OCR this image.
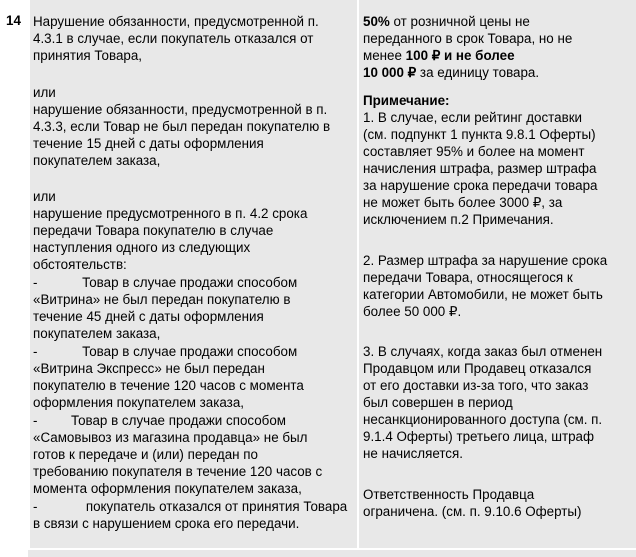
14 Нарушение обязанности, предусмотренной п.
4.3.1 в случае, если покупатель отказался от
принятия Товара,
или
нарушение обязанности, предусмотренной в п.
4.3.3, если Товар не был передан покупателю в
течение 15 дней с даты оформления
покупателем заказа,
или
нарушение предусмотренного в п. 4.2 срока
передачи Товара покупателю в случае
наступления одного из следующих
обстоятельств:
-            Товар в случае продажи способом
«Витрина» не был передан покупателю в
течение 45 дней с даты оформления
покупателем заказа,
-            Товар в случае продажи способом
«Витрина Экспресс» не был передан
покупателю в течение 120 часов с момента
оформления покупателем заказа,
-         Товар в случае продажи способом
«Самовывоз из магазина продавца» не был
готов к передаче и (или) передан по
требованию покупателя в течение 120 часов с
момента оформления покупателем заказа,
-             покупатель отказался от принятия Товара
в связи с нарушением срока его передачи.
50% от розничной цены не
переданного в срок Товара, но не
менее 100 ₽ и не более
10 000 ₽ за единицу товара.
Примечание:
1. В случае, если рейтинг доставки
(см. подпункт 1 пункта 9.8.1 Оферты)
составляет 95% и более на момент
начисления штрафа, размер штрафа
за нарушение срока передачи товара
не может быть более 3000 ₽, за
исключением п.2 Примечания.
2. Размер штрафа за нарушение срока
передачи Товара, относящегося к
категории Автомобили, не может быть
более 50 000 ₽.
3. В случаях, когда заказ был отменен
Продавцом или Продавец отказался
от его доставки из-за того, что заказ
был совершен в период
несанкционированного доступа (см. п.
9.1.4 Оферты) третьего лица, штраф
не начисляется.
Ответственность Продавца
ограничена. (см. п. 9.10.6 Оферты)
